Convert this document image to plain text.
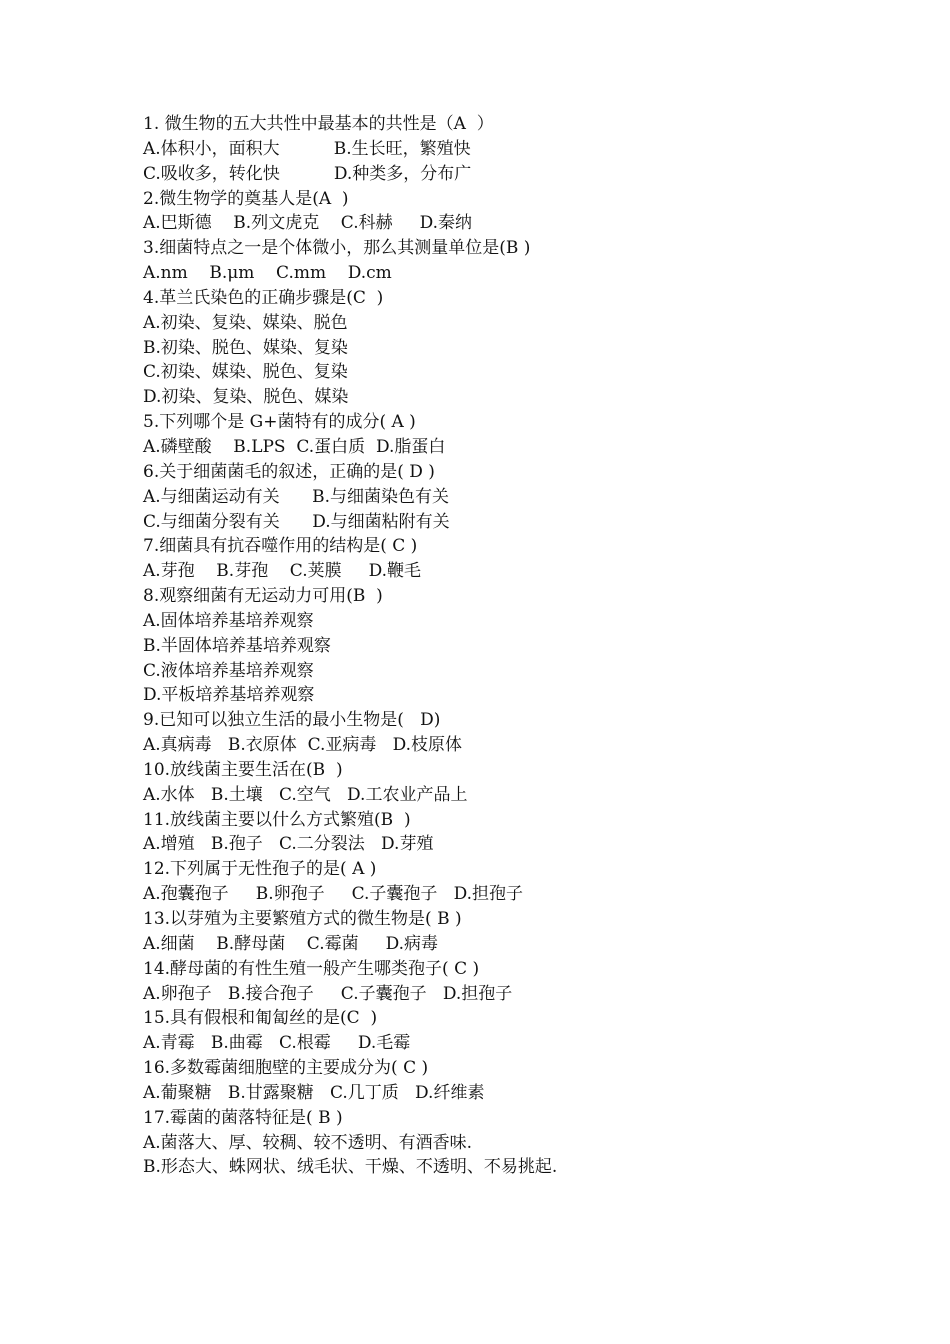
1. 微生物的五大共性中最基本的共性是（A  ）
A.体积小，面积大          B.生长旺，繁殖快
C.吸收多，转化快          D.种类多，分布广
2.微生物学的奠基人是(A  )
A.巴斯德    B.列文虎克    C.科赫     D.秦纳
3.细菌特点之一是个体微小，那么其测量单位是(B )
A.nm    B.μm    C.mm    D.cm
4.革兰氏染色的正确步骤是(C  )
A.初染、复染、媒染、脱色
B.初染、脱色、媒染、复染
C.初染、媒染、脱色、复染
D.初染、复染、脱色、媒染
5.下列哪个是 G+菌特有的成分( A )
A.磷壁酸    B.LPS  C.蛋白质  D.脂蛋白
6.关于细菌菌毛的叙述，正确的是( D )
A.与细菌运动有关      B.与细菌染色有关
C.与细菌分裂有关      D.与细菌粘附有关
7.细菌具有抗吞噬作用的结构是( C )
A.芽孢    B.芽孢    C.荚膜     D.鞭毛
8.观察细菌有无运动力可用(B  )
A.固体培养基培养观察
B.半固体培养基培养观察
C.液体培养基培养观察
D.平板培养基培养观察
9.已知可以独立生活的最小生物是(   D)
A.真病毒   B.衣原体  C.亚病毒   D.枝原体
10.放线菌主要生活在(B  )
A.水体   B.土壤   C.空气   D.工农业产品上
11.放线菌主要以什么方式繁殖(B  )
A.增殖   B.孢子   C.二分裂法   D.芽殖
12.下列属于无性孢子的是( A )
A.孢囊孢子     B.卵孢子     C.子囊孢子   D.担孢子
13.以芽殖为主要繁殖方式的微生物是( B )
A.细菌    B.酵母菌    C.霉菌     D.病毒
14.酵母菌的有性生殖一般产生哪类孢子( C )
A.卵孢子   B.接合孢子     C.子囊孢子   D.担孢子
15.具有假根和匍匐丝的是(C  )
A.青霉   B.曲霉   C.根霉     D.毛霉
16.多数霉菌细胞壁的主要成分为( C )
A.葡聚糖   B.甘露聚糖   C.几丁质   D.纤维素
17.霉菌的菌落特征是( B )
A.菌落大、厚、较稠、较不透明、有酒香味.
B.形态大、蛛网状、绒毛状、干燥、不透明、不易挑起.
